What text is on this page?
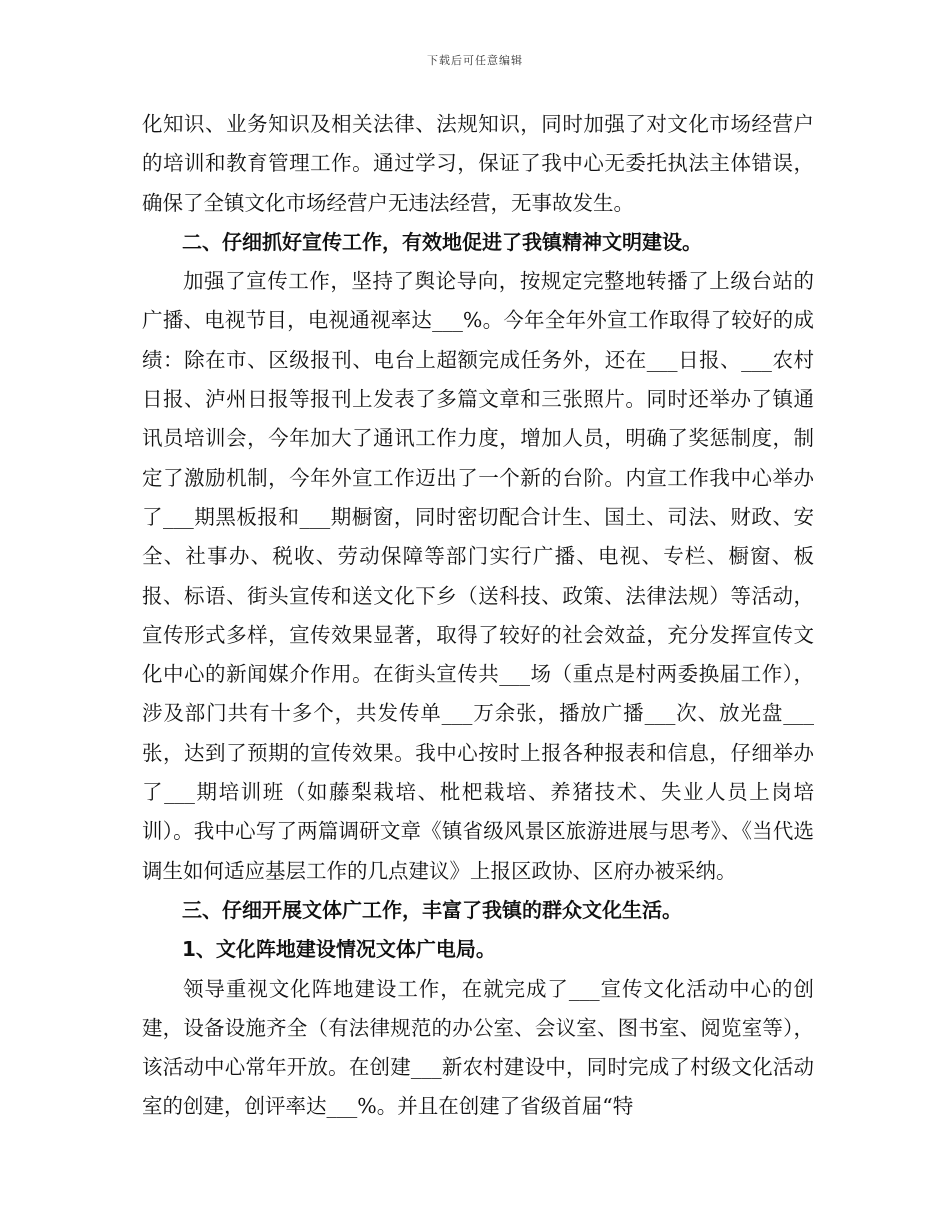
下载后可任意编辑

化知识、业务知识及相关法律、法规知识，同时加强了对文化市场经营户的培训和教育管理工作。通过学习，保证了我中心无委托执法主体错误，确保了全镇文化市场经营户无违法经营，无事故发生。

二、仔细抓好宣传工作，有效地促进了我镇精神文明建设。

加强了宣传工作，坚持了舆论导向，按规定完整地转播了上级台站的广播、电视节目，电视通视率达___%。今年全年外宣工作取得了较好的成绩：除在市、区级报刊、电台上超额完成任务外，还在___日报、___农村日报、泸州日报等报刊上发表了多篇文章和三张照片。同时还举办了镇通讯员培训会，今年加大了通讯工作力度，增加人员，明确了奖惩制度，制定了激励机制，今年外宣工作迈出了一个新的台阶。内宣工作我中心举办了___期黑板报和___期橱窗，同时密切配合计生、国土、司法、财政、安全、社事办、税收、劳动保障等部门实行广播、电视、专栏、橱窗、板报、标语、街头宣传和送文化下乡（送科技、政策、法律法规）等活动，宣传形式多样，宣传效果显著，取得了较好的社会效益，充分发挥宣传文化中心的新闻媒介作用。在街头宣传共___场（重点是村两委换届工作），涉及部门共有十多个，共发传单___万余张，播放广播___次、放光盘___张，达到了预期的宣传效果。我中心按时上报各种报表和信息，仔细举办了___期培训班（如藤梨栽培、枇杷栽培、养猪技术、失业人员上岗培训）。我中心写了两篇调研文章《镇省级风景区旅游进展与思考》、《当代选调生如何适应基层工作的几点建议》上报区政协、区府办被采纳。

三、仔细开展文体广工作，丰富了我镇的群众文化生活。

1、文化阵地建设情况文体广电局。

领导重视文化阵地建设工作，在就完成了___宣传文化活动中心的创建，设备设施齐全（有法律规范的办公室、会议室、图书室、阅览室等），该活动中心常年开放。在创建___新农村建设中，同时完成了村级文化活动室的创建，创评率达___%。并且在创建了省级首届“特
